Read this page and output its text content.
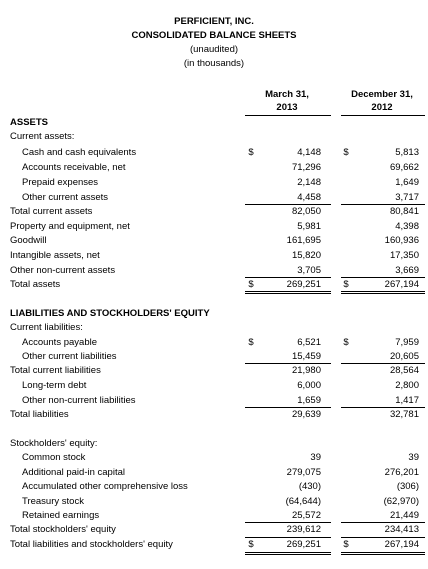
PERFICIENT, INC.
CONSOLIDATED BALANCE SHEETS
(unaudited)
(in thousands)
March 31,
2013
December 31,
2012
ASSETS
Current assets:
Cash and cash equivalents	$	4,148 $	5,813
Accounts receivable, net	71,296	69,662
Prepaid expenses	2,148	1,649
Other current assets	4,458	3,717
Total current assets	82,050	80,841
Property and equipment, net	5,981	4,398
Goodwill	161,695	160,936
Intangible assets, net	15,820	17,350
Other non-current assets	3,705	3,669
Total assets	$	269,251 $	267,194
LIABILITIES AND STOCKHOLDERS' EQUITY
Current liabilities:
Accounts payable	$	6,521 $	7,959
Other current liabilities	15,459	20,605
Total current liabilities	21,980	28,564
Long-term debt	6,000	2,800
Other non-current liabilities	1,659	1,417
Total liabilities	29,639	32,781
Stockholders' equity:
Common stock	39	39
Additional paid-in capital	279,075	276,201
Accumulated other comprehensive loss	(430)	(306)
Treasury stock	(64,644)	(62,970)
Retained earnings	25,572	21,449
Total stockholders' equity	239,612	234,413
Total liabilities and stockholders' equity	$	269,251 $	267,194
